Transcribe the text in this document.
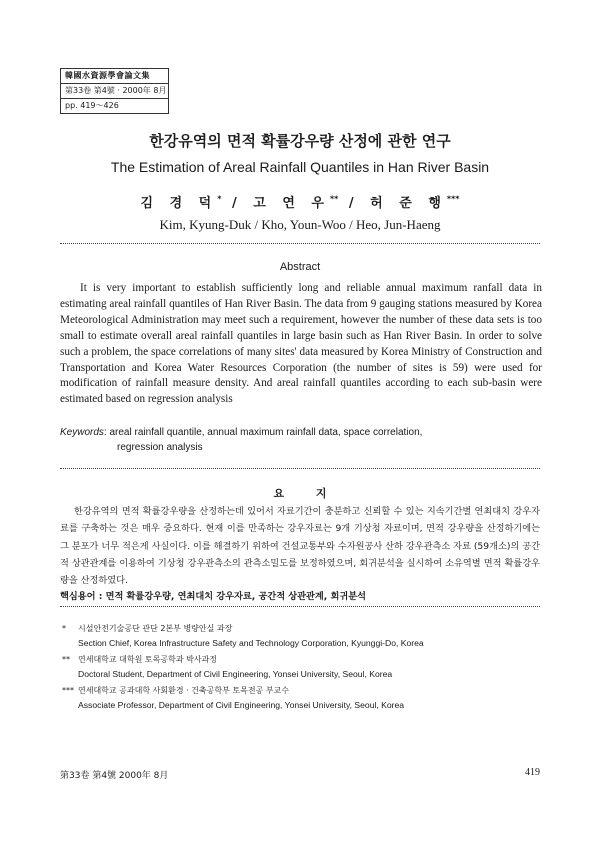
韓國水資源學會論文集
第33卷 第4號 · 2000年 8月
pp. 419～426
한강유역의 면적 확률강우량 산정에 관한 연구
The Estimation of Areal Rainfall Quantiles in Han River Basin
김 경 덕* / 고 연 우** / 허 준 행***
Kim, Kyung-Duk / Kho, Youn-Woo / Heo, Jun-Haeng
Abstract

It is very important to establish sufficiently long and reliable annual maximum ranfall data in estimating areal rainfall quantiles of Han River Basin. The data from 9 gauging stations measured by Korea Meteorological Administration may meet such a requirement, however the number of these data sets is too small to estimate overall areal rainfall quantiles in large basin such as Han River Basin. In order to solve such a problem, the space correlations of many sites' data measured by Korea Ministry of Construction and Transportation and Korea Water Resources Corporation (the number of sites is 59) were used for modification of rainfall measure density. And areal rainfall quantiles according to each sub-basin were estimated based on regression analysis

Keywords: areal rainfall quantile, annual maximum rainfall data, space correlation,
regression analysis
요 지

한강유역의 면적 확률강우량을 산정하는데 있어서 자료기간이 충분하고 신뢰할 수 있는 지속기간별 연최대치 강우자료를 구축하는 것은 매우 중요하다. 현재 이를 만족하는 강우자료는 9개 기상청 자료이며, 면적 강우량을 산정하기에는 그 분포가 너무 적은게 사실이다. 이를 해결하기 위하여 건설교통부와 수자원공사 산하 강우관측소 자료 (59개소)의 공간적 상관관계를 이용하여 기상청 강우관측소의 관측소밀도를 보정하였으며, 회귀분석을 실시하여 소유역별 면적 확률강우량을 산정하였다.

핵심용어 : 면적 확률강우량, 연최대치 강우자료, 공간적 상관관계, 회귀분석
*	시설안전기술공단 관단 2본부 병량안실 과장
Section Chief, Korea Infrastructure Safety and Technology Corporation, Kyunggi-Do, Korea
**	연세대학교 대학원 토목공학과 박사과정
Doctoral Student, Department of Civil Engineering, Yonsei University, Seoul, Korea
*** 연세대학교 공과대학 사회환경 · 건축공학부 토목전공 부교수
Associate Professor, Department of Civil Engineering, Yonsei University, Seoul, Korea
第33卷 第4號 2000年 8月	419
